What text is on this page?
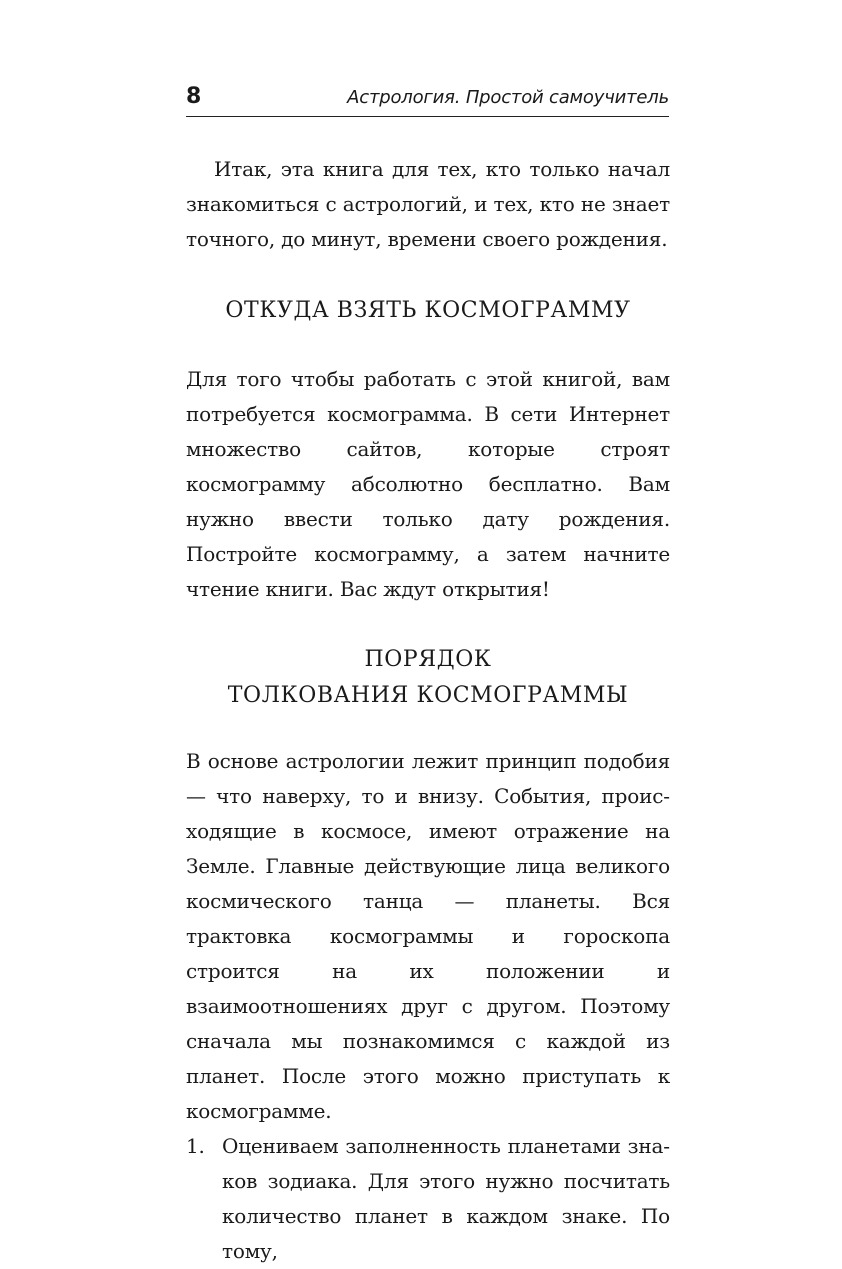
8	Астрология. Простой самоучитель

Итак, эта книга для тех, кто только начал знакомиться с астрологий, и тех, кто не знает точного, до минут, времени своего рождения.

ОТКУДА ВЗЯТЬ КОСМОГРАММУ

Для того чтобы работать с этой книгой, вам потребуется космограмма. В сети Интернет множество сайтов, которые строят космограмму абсолютно бесплатно. Вам нужно ввести только дату рождения. Постройте космограмму, а затем начните чтение книги. Вас ждут открытия!

ПОРЯДОК
ТОЛКОВАНИЯ КОСМОГРАММЫ

В основе астрологии лежит принцип подобия — что наверху, то и внизу. События, происходящие в космосе, имеют отражение на Земле. Главные действующие лица великого космического танца — планеты. Вся трактовка космограммы и гороскопа строится на их положении и взаимоотношениях друг с другом. Поэтому сначала мы познакомимся с каждой из планет. После этого можно приступать к космограмме.

1. Оцениваем заполненность планетами знаков зодиака. Для этого нужно посчитать количество планет в каждом знаке. По тому,
